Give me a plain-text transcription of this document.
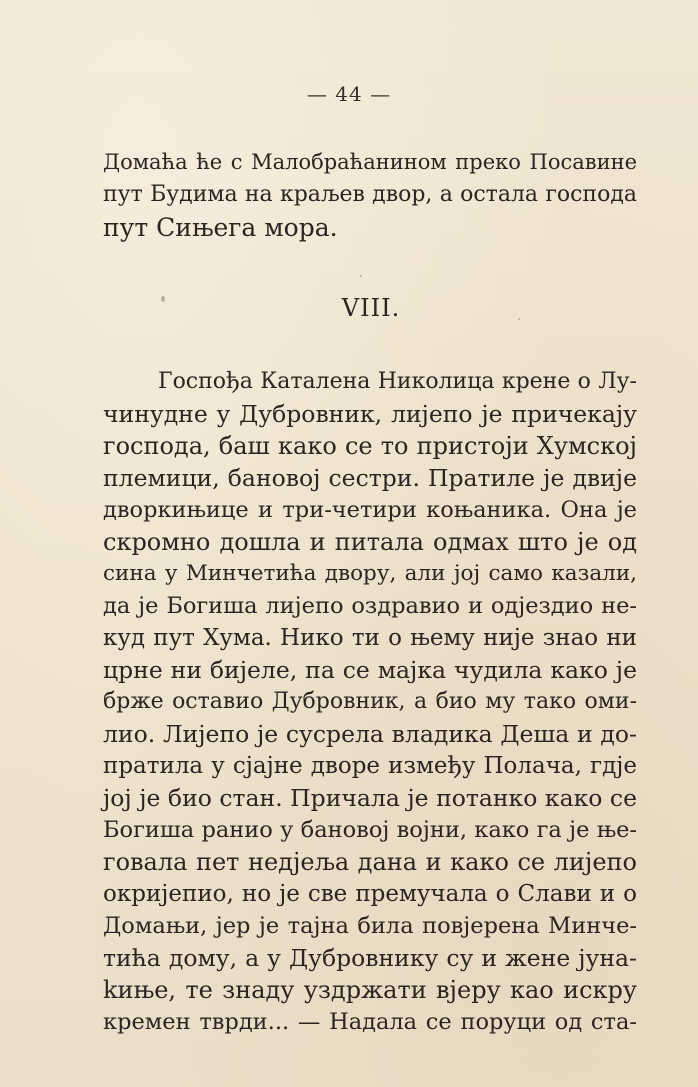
— 44 —
Домаћа ће с Малобраћанином преко Посавине
пут Будима на краљев двор, а остала господа
пут Сињега мора.
VIII.
Госпођа Каталена Николица крене о Лу-
чинудне у Дубровник, лијепо је причекају
господа, баш како се то пристоји Хумској
племици, бановој сестри. Пратиле је двије
дворкињице и три-четири коњаника. Она је
скромно дошла и питала одмах што је од
сина у Минчетића двору, али јој само казали,
да је Богиша лијепо оздравио и одјездио не-
куд пут Хума. Нико ти о њему није знао ни
црне ни бијеле, па се мајка чудила како је
брже оставио Дубровник, а био му тако оми-
лио. Лијепо је сусрела владика Деша и до-
пратила у сјајне дворе између Полача, гдје
јој је био стан. Причала је потанко како се
Богиша ранио у бановој војни, како га је ње-
говала пет недјеља дана и како се лијепо
окријепио, но је све премучала о Слави и о
Домањи, јер је тајна била повјерена Минче-
тића дому, а у Дубровнику су и жене јуна-
kиње, те знаду уздржати вјеру као искру
кремен тврди... — Надала се поруци од ста-
